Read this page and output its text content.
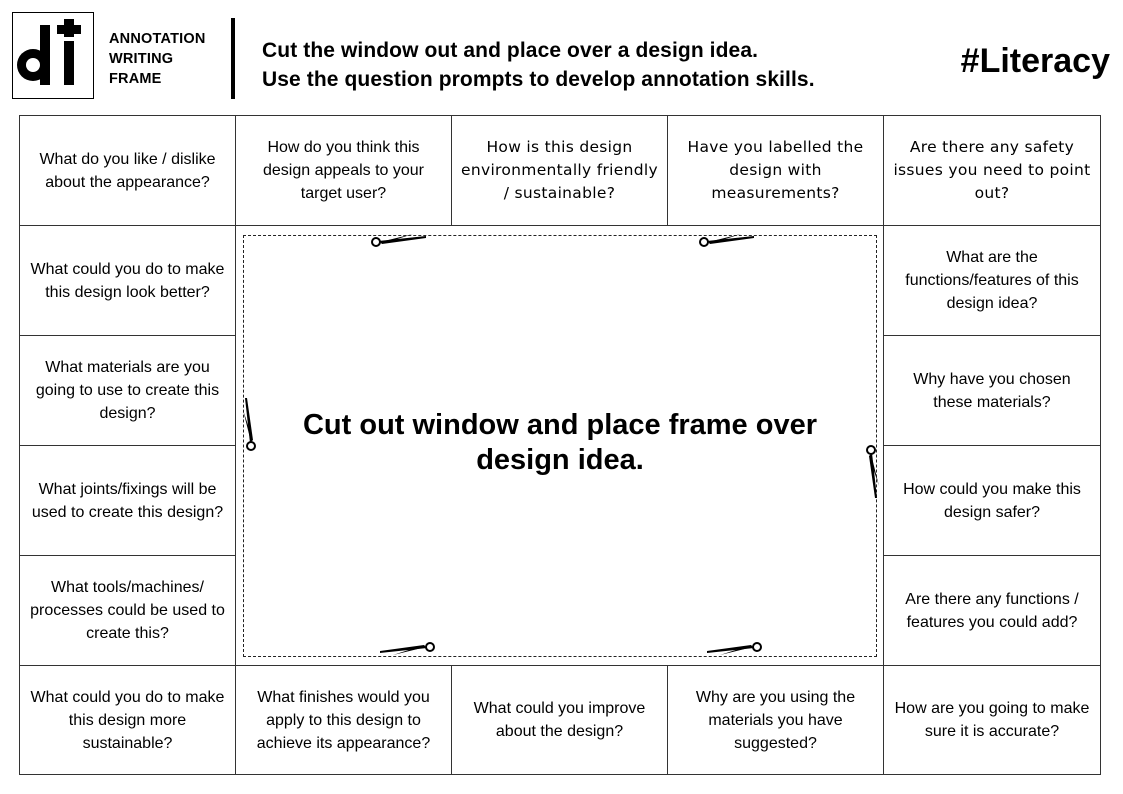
ANNOTATION
WRITING
FRAME
Cut the window out and place over a design idea.
Use the question prompts to develop annotation skills.	#Literacy
What do you like / dislike about the appearance?
How do you think this design appeals to your target user?
How is this design environmentally friendly / sustainable?
Have you labelled the design with measurements?
Are there any safety issues you need to point out?
What could you do to make this design look better?
What materials are you going to use to create this design?
What joints/fixings will be used to create this design?
What tools/machines/ processes could be used to create this?
What are the functions/features of this design idea?
Why have you chosen these materials?
How could you make this design safer?
Are there any functions / features you could add?
What could you do to make this design more sustainable?
What finishes would you apply to this design to achieve its appearance?
What could you improve about the design?
Why are you using the materials you have suggested?
How are you going to make sure it is accurate?
Cut out window and place frame over design idea.
